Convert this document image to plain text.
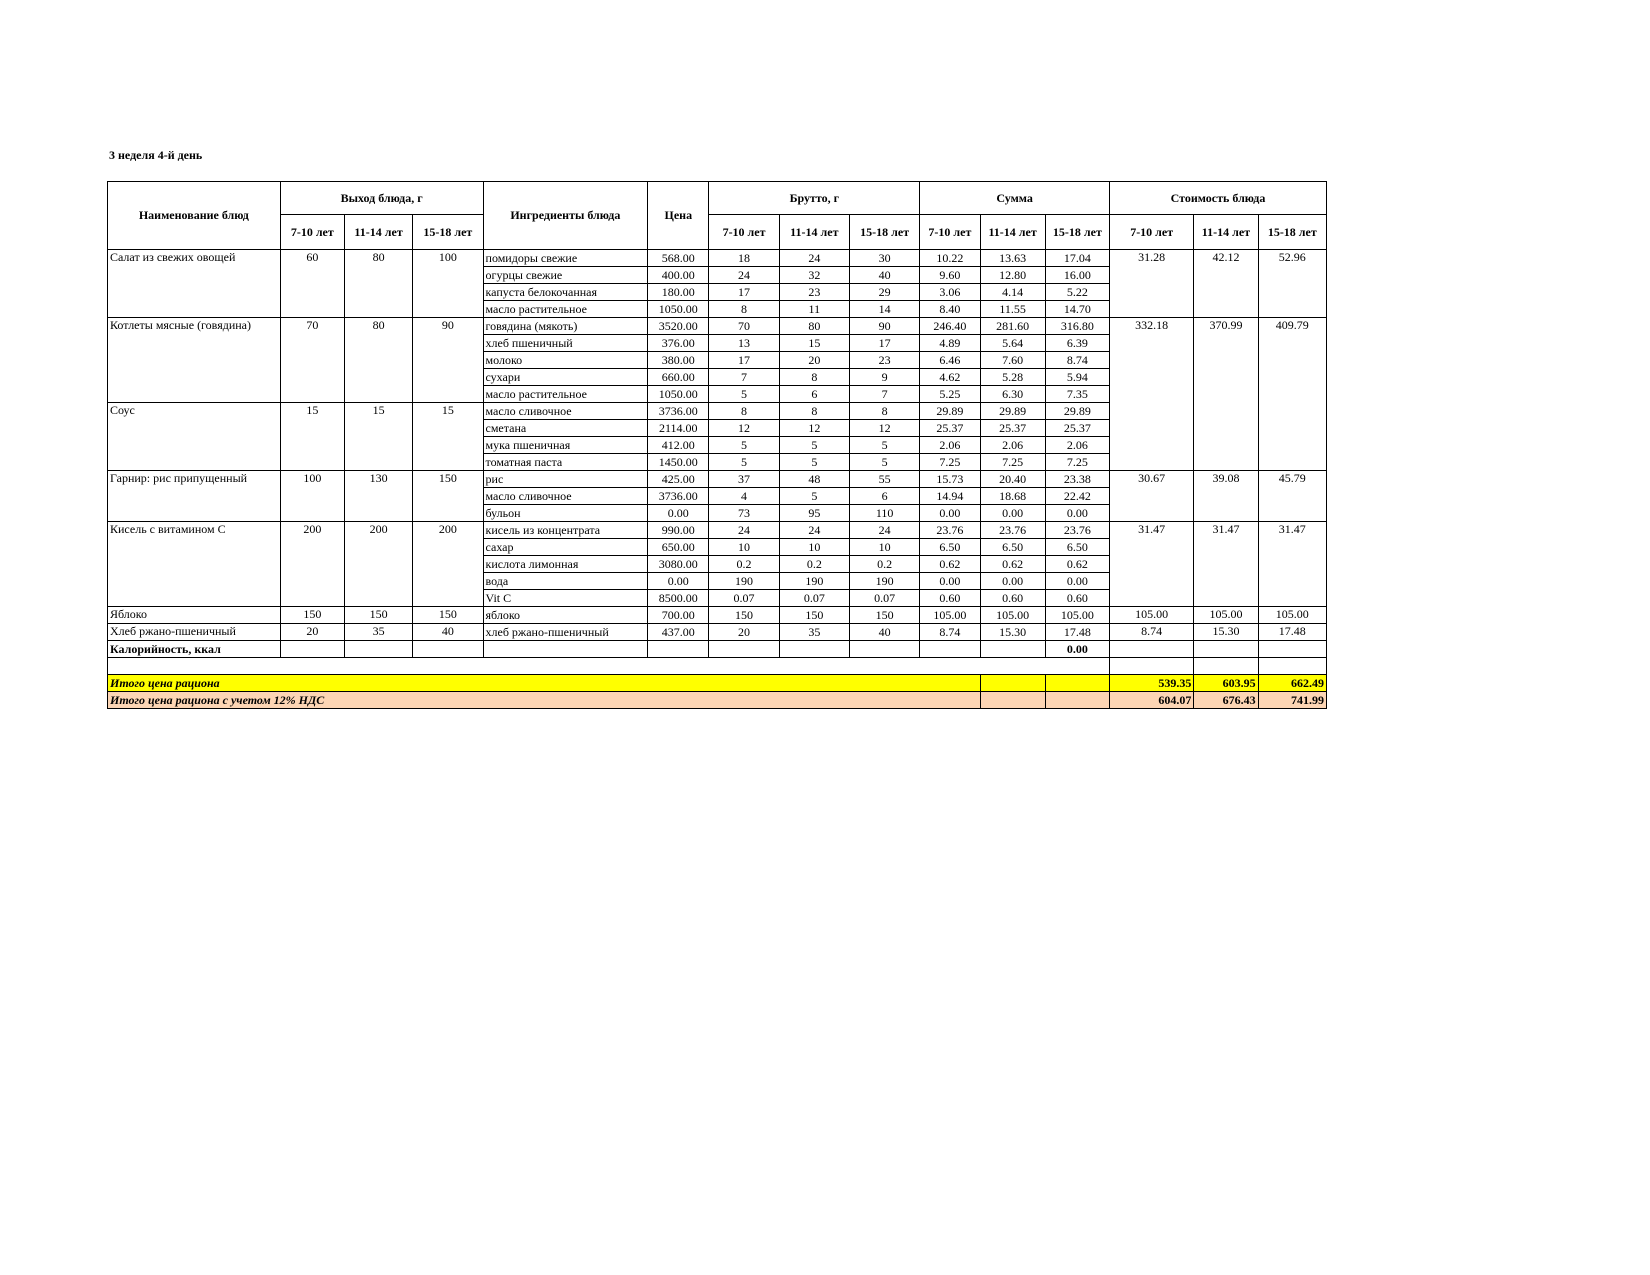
3 неделя 4-й день
Наименование блюд	Выход блюда, г			Ингредиенты блюда	Цена	Брутто, г			Сумма			Стоимость блюда		
	7-10 лет	11-14 лет	15-18 лет			7-10 лет	11-14 лет	15-18 лет	7-10 лет	11-14 лет	15-18 лет	7-10 лет	11-14 лет	15-18 лет
Салат из свежих овощей	60	80	100	помидоры свежие	568.00	18	24	30	10.22	13.63	17.04	31.28	42.12	52.96
				огурцы свежие	400.00	24	32	40	9.60	12.80	16.00			
				капуста белокочанная	180.00	17	23	29	3.06	4.14	5.22			
				масло растительное	1050.00	8	11	14	8.40	11.55	14.70			
Котлеты мясные (говядина)	70	80	90	говядина (мякоть)	3520.00	70	80	90	246.40	281.60	316.80	332.18	370.99	409.79
				хлеб пшеничный	376.00	13	15	17	4.89	5.64	6.39			
				молоко	380.00	17	20	23	6.46	7.60	8.74			
				сухари	660.00	7	8	9	4.62	5.28	5.94			
				масло растительное	1050.00	5	6	7	5.25	6.30	7.35			
Соус	15	15	15	масло сливочное	3736.00	8	8	8	29.89	29.89	29.89			
				сметана	2114.00	12	12	12	25.37	25.37	25.37			
				мука пшеничная	412.00	5	5	5	2.06	2.06	2.06			
				томатная паста	1450.00	5	5	5	7.25	7.25	7.25			
Гарнир: рис припущенный	100	130	150	рис	425.00	37	48	55	15.73	20.40	23.38	30.67	39.08	45.79
				масло сливочное	3736.00	4	5	6	14.94	18.68	22.42			
				бульон	0.00	73	95	110	0.00	0.00	0.00			
Кисель с витамином С	200	200	200	кисель из концентрата	990.00	24	24	24	23.76	23.76	23.76	31.47	31.47	31.47
				сахар	650.00	10	10	10	6.50	6.50	6.50			
				кислота лимонная	3080.00	0.2	0.2	0.2	0.62	0.62	0.62			
				вода	0.00	190	190	190	0.00	0.00	0.00			
				Vit C	8500.00	0.07	0.07	0.07	0.60	0.60	0.60			
Яблоко	150	150	150	яблоко	700.00	150	150	150	105.00	105.00	105.00	105.00	105.00	105.00
Хлеб ржано-пшеничный	20	35	40	хлеб ржано-пшеничный	437.00	20	35	40	8.74	15.30	17.48	8.74	15.30	17.48
Калорийность, ккал											0.00			

Итого цена рациона												539.35	603.95	662.49
Итого цена рациона с учетом 12% НДС												604.07	676.43	741.99
